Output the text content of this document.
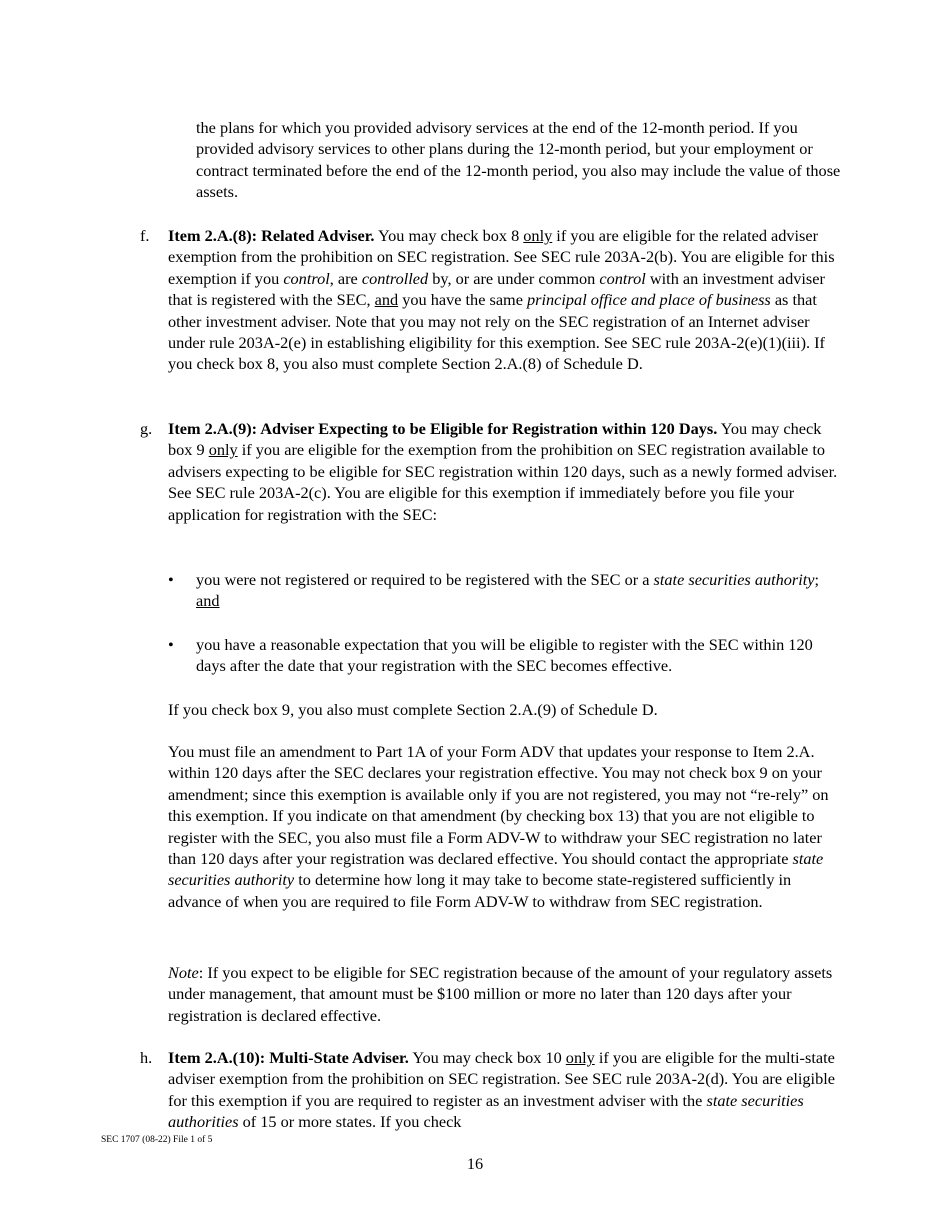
the plans for which you provided advisory services at the end of the 12-month period. If you provided advisory services to other plans during the 12-month period, but your employment or contract terminated before the end of the 12-month period, you also may include the value of those assets.

f. Item 2.A.(8): Related Adviser. You may check box 8 only if you are eligible for the related adviser exemption from the prohibition on SEC registration. See SEC rule 203A-2(b). You are eligible for this exemption if you control, are controlled by, or are under common control with an investment adviser that is registered with the SEC, and you have the same principal office and place of business as that other investment adviser. Note that you may not rely on the SEC registration of an Internet adviser under rule 203A-2(e) in establishing eligibility for this exemption. See SEC rule 203A-2(e)(1)(iii). If you check box 8, you also must complete Section 2.A.(8) of Schedule D.

g. Item 2.A.(9): Adviser Expecting to be Eligible for Registration within 120 Days. You may check box 9 only if you are eligible for the exemption from the prohibition on SEC registration available to advisers expecting to be eligible for SEC registration within 120 days, such as a newly formed adviser. See SEC rule 203A-2(c). You are eligible for this exemption if immediately before you file your application for registration with the SEC:

• you were not registered or required to be registered with the SEC or a state securities authority; and

• you have a reasonable expectation that you will be eligible to register with the SEC within 120 days after the date that your registration with the SEC becomes effective.

If you check box 9, you also must complete Section 2.A.(9) of Schedule D.

You must file an amendment to Part 1A of your Form ADV that updates your response to Item 2.A. within 120 days after the SEC declares your registration effective. You may not check box 9 on your amendment; since this exemption is available only if you are not registered, you may not “re-rely” on this exemption. If you indicate on that amendment (by checking box 13) that you are not eligible to register with the SEC, you also must file a Form ADV-W to withdraw your SEC registration no later than 120 days after your registration was declared effective. You should contact the appropriate state securities authority to determine how long it may take to become state-registered sufficiently in advance of when you are required to file Form ADV-W to withdraw from SEC registration.

Note: If you expect to be eligible for SEC registration because of the amount of your regulatory assets under management, that amount must be $100 million or more no later than 120 days after your registration is declared effective.

h. Item 2.A.(10): Multi-State Adviser. You may check box 10 only if you are eligible for the multi-state adviser exemption from the prohibition on SEC registration. See SEC rule 203A-2(d). You are eligible for this exemption if you are required to register as an investment adviser with the state securities authorities of 15 or more states. If you check

SEC 1707 (08-22) File 1 of 5
16
